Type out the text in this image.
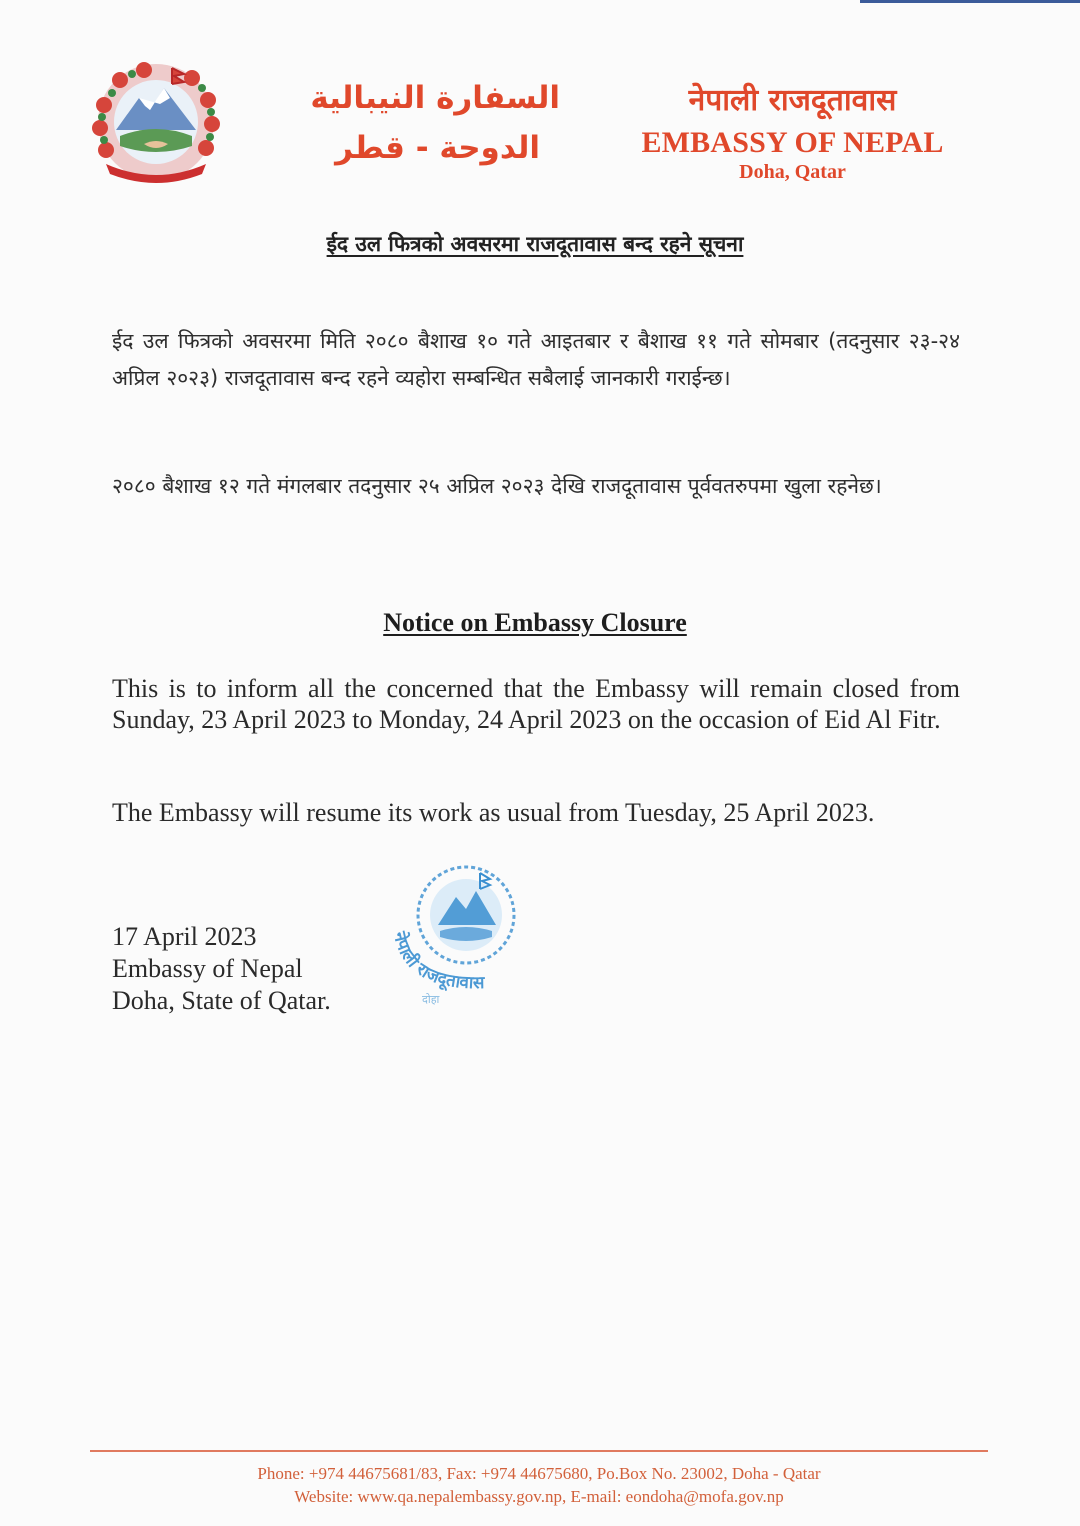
السفارة النيبالية
الدوحة - قطر
नेपाली राजदूतावास
EMBASSY OF NEPAL
Doha, Qatar
ईद उल फित्रको अवसरमा राजदूतावास बन्द रहने सूचना
ईद उल फित्रको अवसरमा मिति २०८० बैशाख १० गते आइतबार र बैशाख ११ गते सोमबार (तदनुसार २३-२४ अप्रिल २०२३) राजदूतावास बन्द रहने व्यहोरा सम्बन्धित सबैलाई जानकारी गराईन्छ।
२०८० बैशाख १२ गते मंगलबार तदनुसार २५ अप्रिल २०२३ देखि राजदूतावास पूर्ववतरुपमा खुला रहनेछ।
Notice on Embassy Closure
This is to inform all the concerned that the Embassy will remain closed from Sunday, 23 April 2023 to Monday, 24 April 2023 on the occasion of Eid Al Fitr.
The Embassy will resume its work as usual from Tuesday, 25 April 2023.
17 April 2023
Embassy of Nepal
Doha, State of Qatar.
नेपाली राजदूतावास
दोहा
Phone: +974 44675681/83, Fax: +974 44675680, Po.Box No. 23002, Doha - Qatar
Website: www.qa.nepalembassy.gov.np, E-mail: eondoha@mofa.gov.np
